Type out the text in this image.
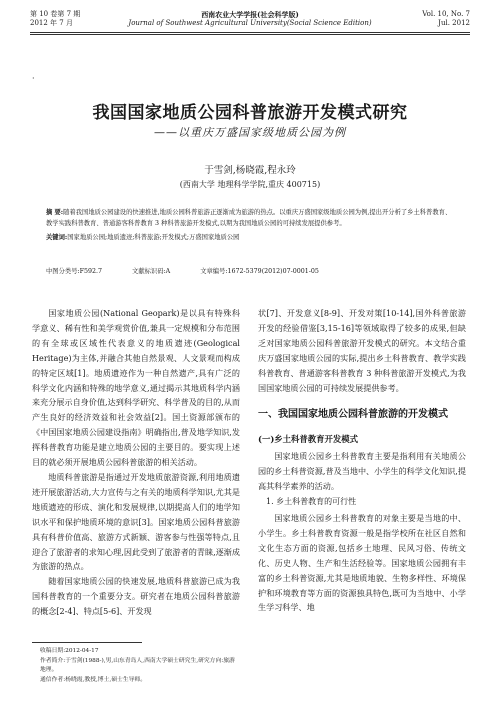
第 10 卷第 7 期
2012 年 7 月
西南农业大学学报(社会科学版)
Journal of Southwest Agricultural University(Social Science Edition)
Vol. 10, No. 7
Jul. 2012
·
我国国家地质公园科普旅游开发模式研究
——以重庆万盛国家级地质公园为例
于雪剑,杨晓霞,程永玲
(西南大学 地理科学学院,重庆 400715)
摘 要:随着我国地质公园建设的快速推进,地质公园科普旅游正逐渐成为旅游的热点。以重庆万盛国家级地质公园为例,提出开分析了乡土科普教育、教学实践科普教育、普通游客科普教育 3 种科普旅游开发模式,以期为我国地质公园的可持续发展提供参考。
关键词:国家地质公园;地质遗迹;科普旅游;开发模式;万盛国家地质公园
中图分类号:F592.7	文献标识码:A	文章编号:1672-5379(2012)07-0001-05

国家地质公园(National Geopark)是以具有特殊科学意义、稀有性和美学观赏价值,兼具一定规模和分布范围的有全球或区域性代表意义的地质遗迹(Geological Heritage)为主体,并融合其他自然景观、人文景观而构成的特定区域[1]。地质遗迹作为一种自然遗产,具有广泛的科学文化内涵和特殊的地学意义,通过揭示其地质科学内涵来充分展示自身价值,达到科学研究、科学普及的目的,从而产生良好的经济效益和社会效益[2]。国土资源部颁布的《中国国家地质公园建设指南》明确指出,普及地学知识,发挥科普教育功能是建立地质公园的主要目的。要实现上述目的就必须开展地质公园科普旅游的相关活动。

地质科普旅游是指通过开发地质旅游资源,利用地质遗迹开展旅游活动,大力宣传与之有关的地质科学知识,尤其是地质遗迹的形成、演化和发展规律,以期提高人们的地学知识水平和保护地质环境的意识[3]。国家地质公园科普旅游具有科普价值高、旅游方式新颖、游客参与性强等特点,且迎合了旅游者的求知心理,因此受到了旅游者的青睐,逐渐成为旅游的热点。

随着国家地质公园的快速发展,地质科普旅游已成为我国科普教育的一个重要分支。研究者在地质公园科普旅游的概念[2-4]、特点[5-6]、开发现

状[7]、开发意义[8-9]、开发对策[10-14],国外科普旅游开发的经验借鉴[3,15-16]等领域取得了较多的成果,但缺乏对国家地质公园科普旅游开发模式的研究。本文结合重庆万盛国家地质公园的实际,提出乡土科普教育、教学实践科普教育、普通游客科普教育 3 种科普旅游开发模式,为我国国家地质公园的可持续发展提供参考。

一、我国国家地质公园科普旅游的开发模式
(一)乡土科普教育开发模式

国家地质公园乡土科普教育主要是指利用有关地质公园的乡土科普资源,普及当地中、小学生的科学文化知识,提高其科学素养的活动。

1. 乡土科普教育的可行性

国家地质公园乡土科普教育的对象主要是当地的中、小学生。乡土科普教育资源一般是指学校所在社区自然和文化生态方面的资源,包括乡土地理、民风习俗、传统文化、历史人物、生产和生活经验等。国家地质公园拥有丰富的乡土科普资源,尤其是地质地貌、生物多样性、环境保护和环境教育等方面的资源独具特色,既可为当地中、小学生学习科学、地

收稿日期:2012-04-17
作者简介:于雪剑(1988-),男,山东青岛人,西南大学硕士研究生,研究方向:旅游地理。
通信作者:杨晓霞,教授,博士,硕士生导师。
